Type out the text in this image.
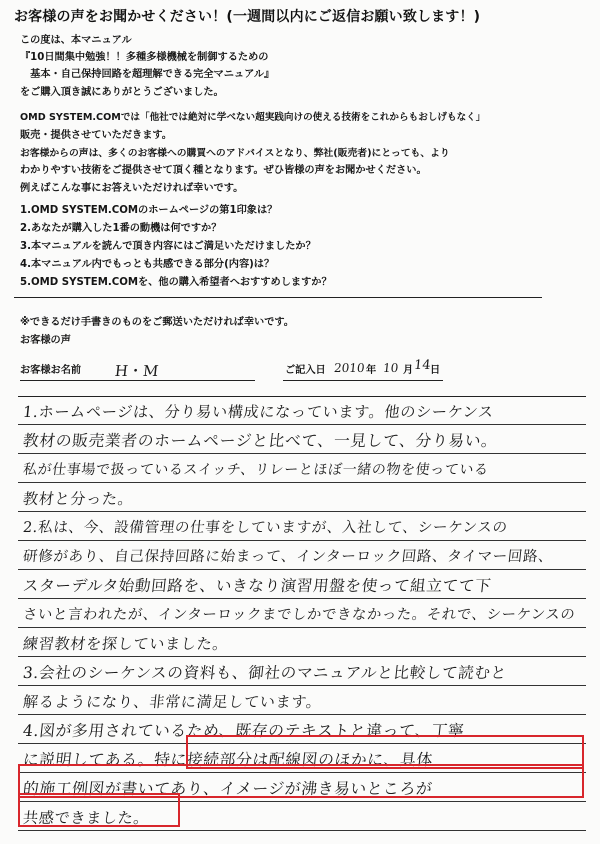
お客様の声をお聞かせください！(一週間以内にご返信お願い致します！)
この度は、本マニュアル
『10日間集中勉強！！多種多様機械を制御するための
　基本・自己保持回路を超理解できる完全マニュアル』
をご購入頂き誠にありがとうございました。
OMD SYSTEM.COMでは「他社では絶対に学べない超実践向けの使える技術をこれからもおしげもなく」
販売・提供させていただきます。
お客様からの声は、多くのお客様への購買へのアドバイスとなり、弊社(販売者)にとっても、より
わかりやすい技術をご提供させて頂く種となります。ぜひ皆様の声をお聞かせください。
例えばこんな事にお答えいただければ幸いです。
1.OMD SYSTEM.COMのホームページの第1印象は？
2.あなたが購入した1番の動機は何ですか？
3.本マニュアルを読んで頂き内容にはご満足いただけましたか？
4.本マニュアル内でもっとも共感できる部分(内容)は？
5.OMD SYSTEM.COMを、他の購入希望者へおすすめしますか？
※できるだけ手書きのものをご郵送いただければ幸いです。
お客様の声
お客様お名前 H・M	ご記入日 2010 年 10 月 14
日
1.ホームページは、分り易い構成になっています。他のシーケンス
教材の販売業者のホームページと比べて、一見して、分り易い。
私が仕事場で扱っているスイッチ、リレーとほぼ一緒の物を使っている
教材と分った。
2.私は、今、設備管理の仕事をしていますが、入社して、シーケンスの
研修があり、自己保持回路に始まって、インターロック回路、タイマー回路、
スターデルタ始動回路を、いきなり演習用盤を使って組立てて下
さいと言われたが、インターロックまでしかできなかった。それで、シーケンスの
練習教材を探していました。
3.会社のシーケンスの資料も、御社のマニュアルと比較して読むと
解るようになり、非常に満足しています。
4.図が多用されているため、既存のテキストと違って、丁寧
に説明してある。特に接続部分は配線図のほかに、具体
的施工例図が書いてあり、イメージが沸き易いところが
共感できました。
